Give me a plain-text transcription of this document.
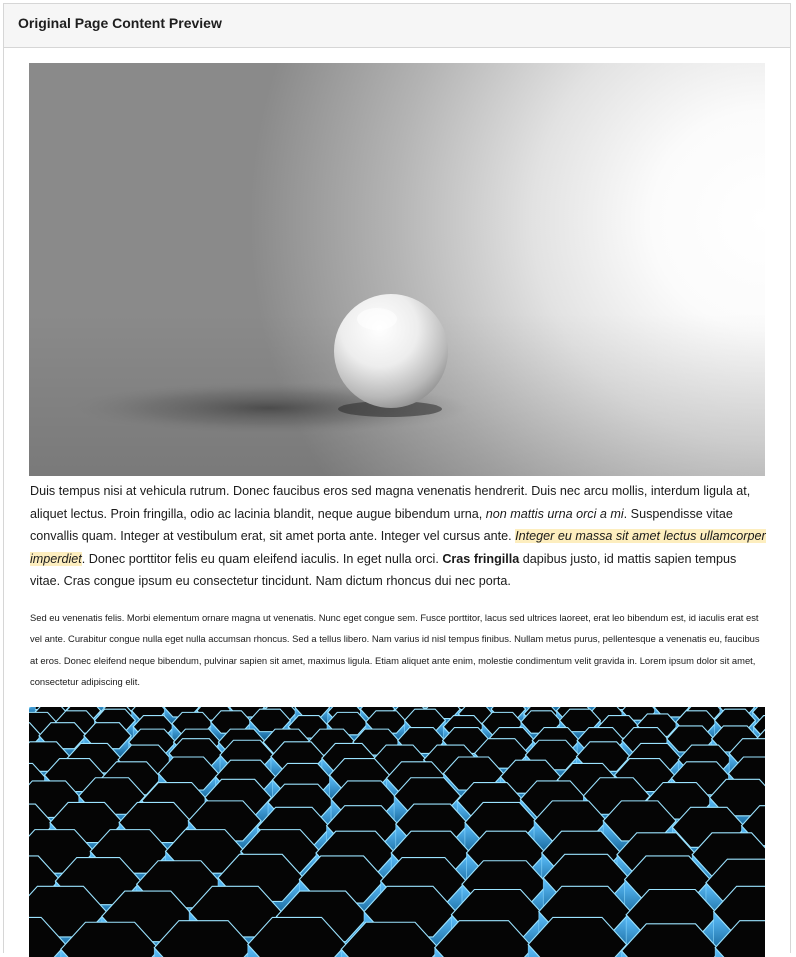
Original Page Content Preview

Duis tempus nisi at vehicula rutrum. Donec faucibus eros sed magna venenatis hendrerit. Duis nec arcu mollis, interdum ligula at, aliquet lectus. Proin fringilla, odio ac lacinia blandit, neque augue bibendum urna, non mattis urna orci a mi. Suspendisse vitae convallis quam. Integer at vestibulum erat, sit amet porta ante. Integer vel cursus ante. Integer eu massa sit amet lectus ullamcorper imperdiet. Donec porttitor felis eu quam eleifend iaculis. In eget nulla orci. Cras fringilla dapibus justo, id mattis sapien tempus vitae. Cras congue ipsum eu consectetur tincidunt. Nam dictum rhoncus dui nec porta.

Sed eu venenatis felis. Morbi elementum ornare magna ut venenatis. Nunc eget congue sem. Fusce porttitor, lacus sed ultrices laoreet, erat leo bibendum est, id iaculis erat est vel ante. Curabitur congue nulla eget nulla accumsan rhoncus. Sed a tellus libero. Nam varius id nisl tempus finibus. Nullam metus purus, pellentesque a venenatis eu, faucibus at eros. Donec eleifend neque bibendum, pulvinar sapien sit amet, maximus ligula. Etiam aliquet ante enim, molestie condimentum velit gravida in. Lorem ipsum dolor sit amet, consectetur adipiscing elit.
